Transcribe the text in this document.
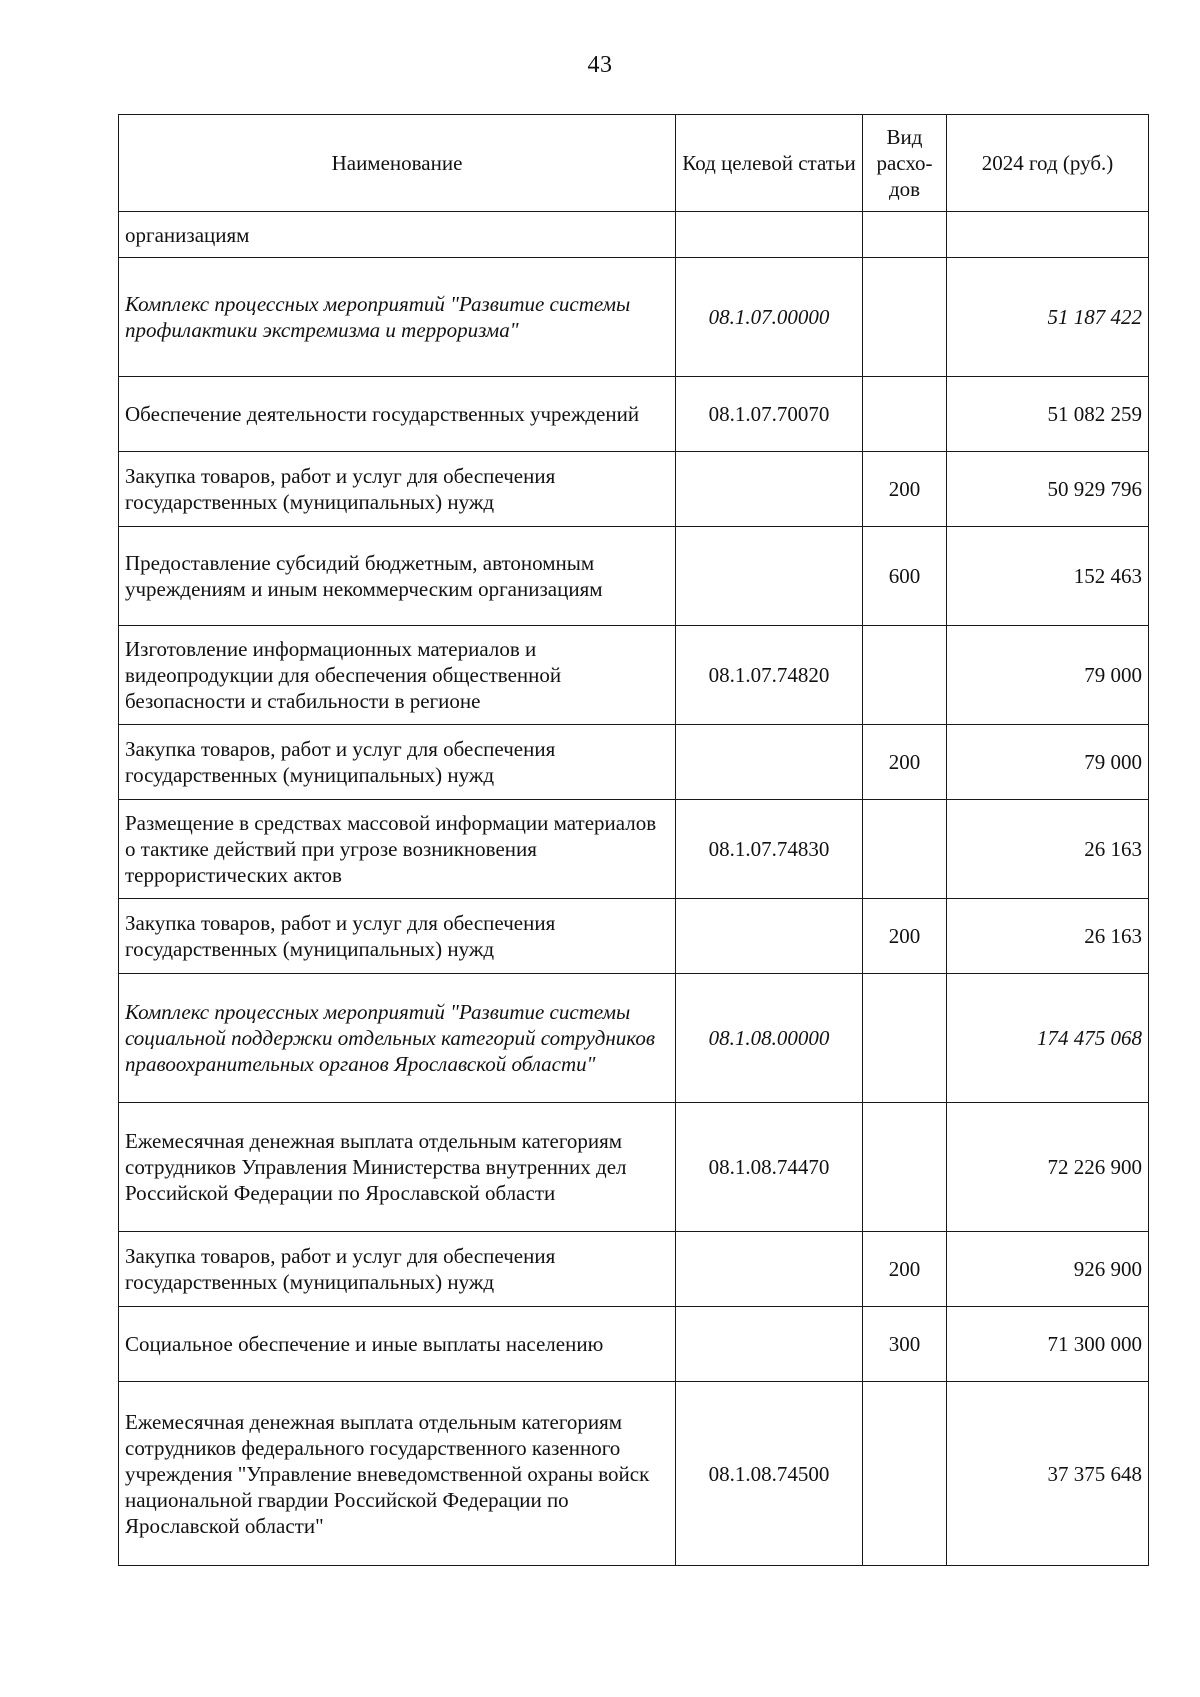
43
Наименование	Код целевой статьи	Вид расхо-дов	2024 год (руб.)
организациям			
Комплекс процессных мероприятий "Развитие системы профилактики экстремизма и терроризма"	08.1.07.00000		51 187 422
Обеспечение деятельности государственных учреждений	08.1.07.70070		51 082 259
Закупка товаров, работ и услуг для обеспечения государственных (муниципальных) нужд		200	50 929 796
Предоставление субсидий бюджетным, автономным учреждениям и иным некоммерческим организациям		600	152 463
Изготовление информационных материалов и видеопродукции для обеспечения общественной безопасности и стабильности в регионе	08.1.07.74820		79 000
Закупка товаров, работ и услуг для обеспечения государственных (муниципальных) нужд		200	79 000
Размещение в средствах массовой информации материалов о тактике действий при угрозе возникновения террористических актов	08.1.07.74830		26 163
Закупка товаров, работ и услуг для обеспечения государственных (муниципальных) нужд		200	26 163
Комплекс процессных мероприятий "Развитие системы социальной поддержки отдельных категорий сотрудников правоохранительных органов Ярославской области"	08.1.08.00000		174 475 068
Ежемесячная денежная выплата отдельным категориям сотрудников Управления Министерства внутренних дел Российской Федерации по Ярославской области	08.1.08.74470		72 226 900
Закупка товаров, работ и услуг для обеспечения государственных (муниципальных) нужд		200	926 900
Социальное обеспечение и иные выплаты населению		300	71 300 000
Ежемесячная денежная выплата отдельным категориям сотрудников федерального государственного казенного учреждения "Управление вневедомственной охраны войск национальной гвардии Российской Федерации по Ярославской области"	08.1.08.74500		37 375 648
